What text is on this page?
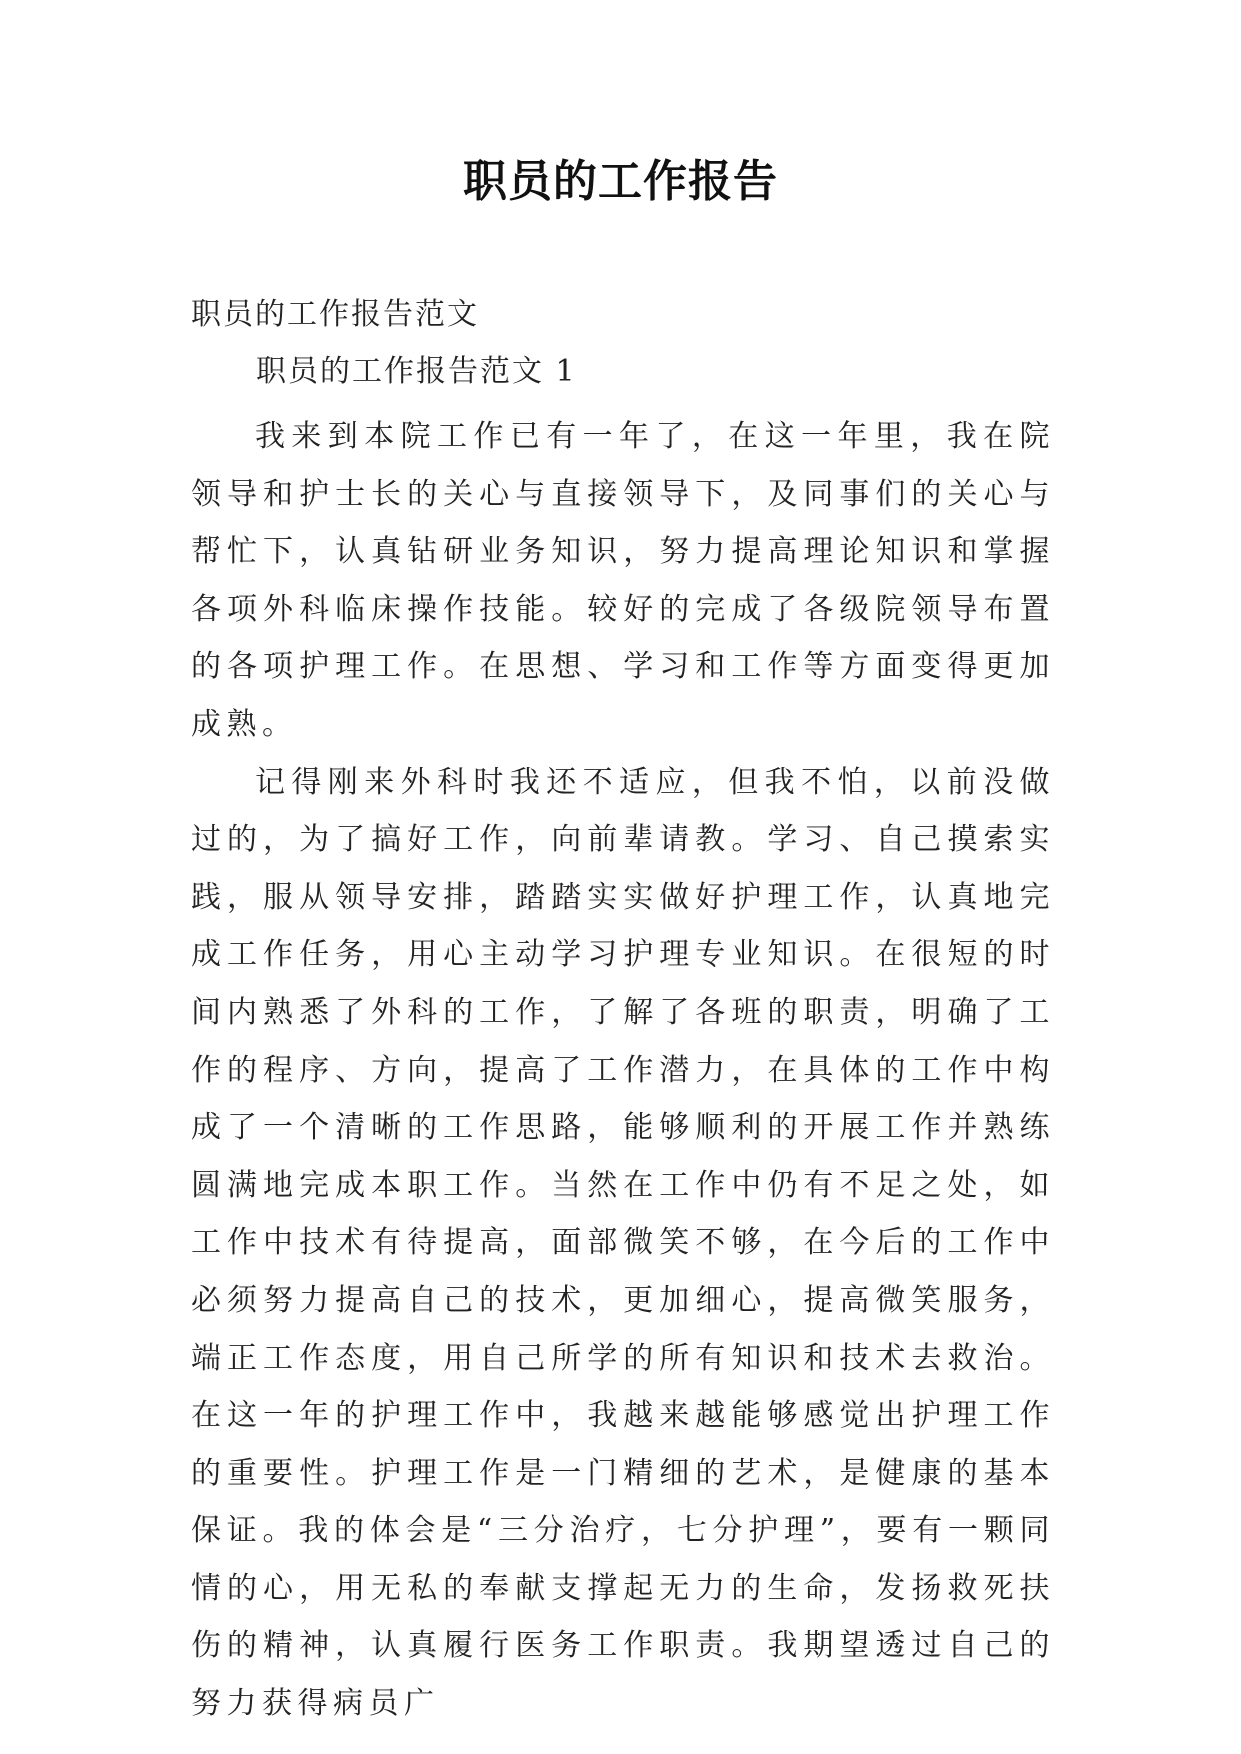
职员的工作报告
职员的工作报告范文
职员的工作报告范文 1

我来到本院工作已有一年了，在这一年里，我在院领导和护士长的关心与直接领导下，及同事们的关心与帮忙下，认真钻研业务知识，努力提高理论知识和掌握各项外科临床操作技能。较好的完成了各级院领导布置的各项护理工作。在思想、学习和工作等方面变得更加成熟。

记得刚来外科时我还不适应，但我不怕，以前没做过的，为了搞好工作，向前辈请教。学习、自己摸索实践，服从领导安排，踏踏实实做好护理工作，认真地完成工作任务，用心主动学习护理专业知识。在很短的时间内熟悉了外科的工作，了解了各班的职责，明确了工作的程序、方向，提高了工作潜力，在具体的工作中构成了一个清晰的工作思路，能够顺利的开展工作并熟练圆满地完成本职工作。当然在工作中仍有不足之处，如工作中技术有待提高，面部微笑不够，在今后的工作中必须努力提高自己的技术，更加细心，提高微笑服务，端正工作态度，用自己所学的所有知识和技术去救治。在这一年的护理工作中，我越来越能够感觉出护理工作的重要性。护理工作是一门精细的艺术，是健康的基本保证。我的体会是“三分治疗，七分护理”，要有一颗同情的心，用无私的奉献支撑起无力的生命，发扬救死扶伤的精神，认真履行医务工作职责。我期望透过自己的努力获得病员广
